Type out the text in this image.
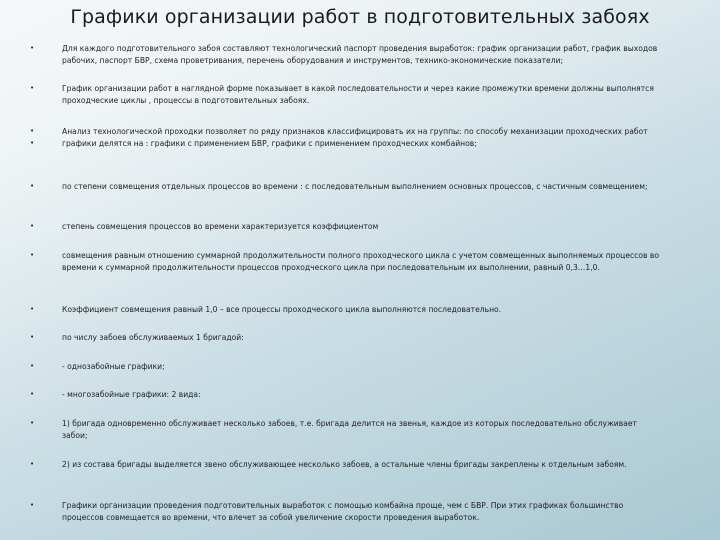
Графики организации работ в подготовительных забоях
•	Для каждого подготовительного забоя составляют технологический паспорт проведения выработок: график организации работ, график выходов рабочих, паспорт БВР, схема проветривания, перечень оборудования и инструментов, технико-экономические показатели;
•	График организации работ в наглядной форме показывает в какой последовательности и через какие промежутки времени должны выполнятся проходческие циклы , процессы в подготовительных забоях.
•
•
Анализ технологической проходки позволяет по ряду признаков классифицировать их на группы: по способу механизации проходческих работ графики делятся на : графики с применением БВР, графики с применением проходческих комбайнов;
•	по степени совмещения отдельных процессов во времени : с последовательным выполнением основных процессов, с частичным совмещением;
•	степень совмещения процессов во времени характеризуется коэффициентом
•	совмещения равным отношению суммарной продолжительности полного проходческого цикла с учетом совмещенных выполняемых процессов во времени к суммарной продолжительности процессов проходческого цикла при последовательным их выполнении, равный 0,3…1,0.
•	Коэффициент совмещения равный 1,0 – все процессы проходческого цикла выполняются последовательно.
•	по числу забоев обслуживаемых 1 бригадой:
•	- однозабойные графики;
•	- многозабойные графики: 2 вида:
•	1) бригада одновременно обслуживает несколько забоев, т.е. бригада делится на звенья, каждое из которых последовательно обслуживает забои;
•	2) из состава бригады выделяется звено обслуживающее несколько забоев, а остальные члены бригады закреплены к отдельным забоям.
•	Графики организации проведения подготовительных выработок с помощью комбайна проще, чем с БВР. При этих графиках большинство процессов совмещается во времени, что влечет за собой увеличение скорости проведения выработок.
